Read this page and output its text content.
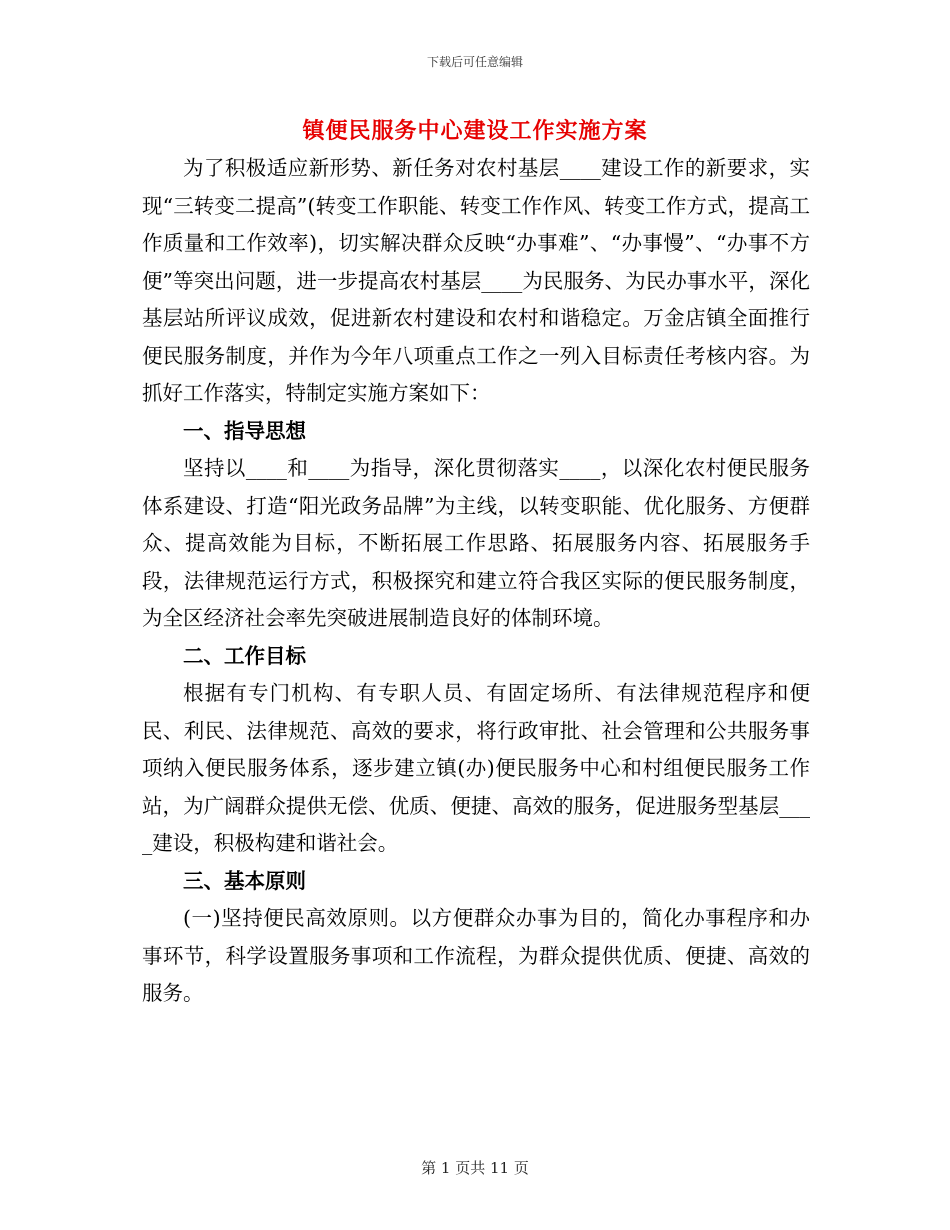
下载后可任意编辑
镇便民服务中心建设工作实施方案

为了积极适应新形势、新任务对农村基层____建设工作的新要求，实现“三转变二提高”(转变工作职能、转变工作作风、转变工作方式，提高工作质量和工作效率)，切实解决群众反映“办事难”、“办事慢”、“办事不方便”等突出问题，进一步提高农村基层____为民服务、为民办事水平，深化基层站所评议成效，促进新农村建设和农村和谐稳定。万金店镇全面推行便民服务制度，并作为今年八项重点工作之一列入目标责任考核内容。为抓好工作落实，特制定实施方案如下：

一、指导思想

坚持以____和____为指导，深化贯彻落实____，以深化农村便民服务体系建设、打造“阳光政务品牌”为主线，以转变职能、优化服务、方便群众、提高效能为目标，不断拓展工作思路、拓展服务内容、拓展服务手段，法律规范运行方式，积极探究和建立符合我区实际的便民服务制度，为全区经济社会率先突破进展制造良好的体制环境。

二、工作目标

根据有专门机构、有专职人员、有固定场所、有法律规范程序和便民、利民、法律规范、高效的要求，将行政审批、社会管理和公共服务事项纳入便民服务体系，逐步建立镇(办)便民服务中心和村组便民服务工作站，为广阔群众提供无偿、优质、便捷、高效的服务，促进服务型基层____建设，积极构建和谐社会。

三、基本原则

(一)坚持便民高效原则。以方便群众办事为目的，简化办事程序和办事环节，科学设置服务事项和工作流程，为群众提供优质、便捷、高效的服务。

第 1 页共 11 页
